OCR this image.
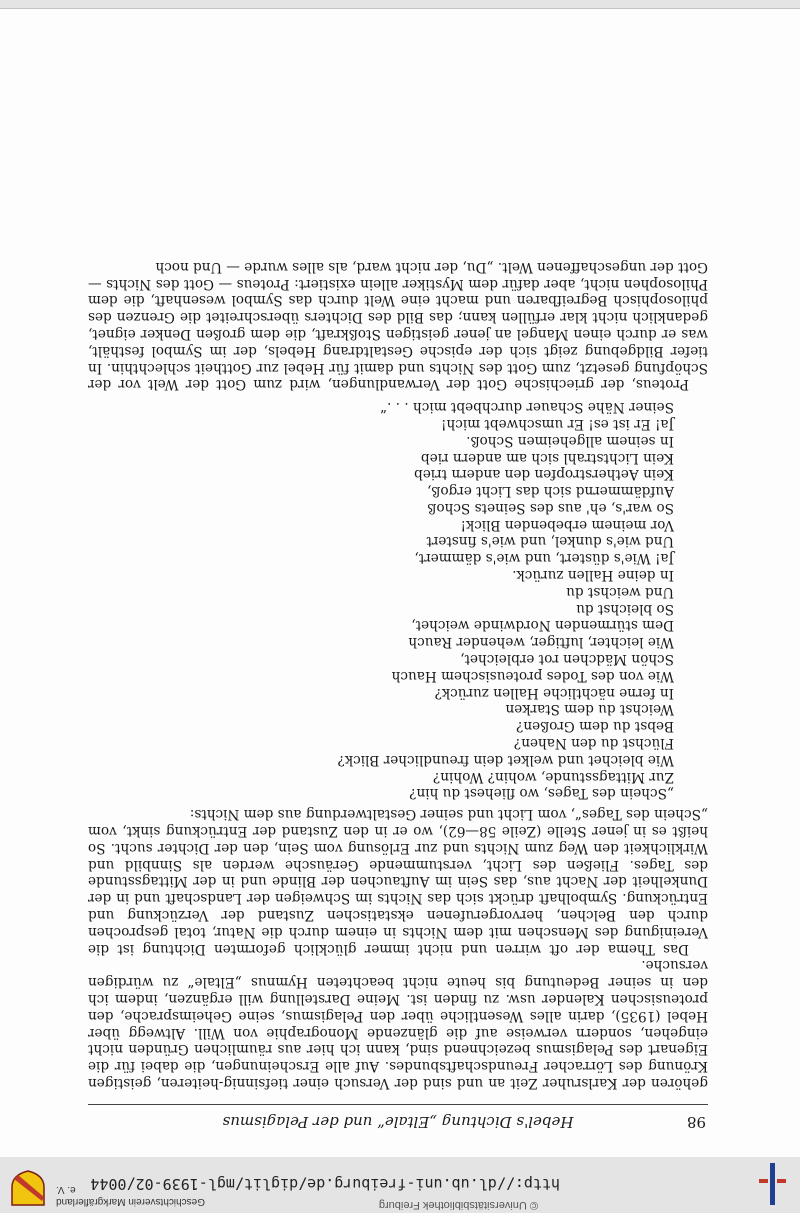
http://dl.ub.uni-freiburg.de/diglit/mgl-1939-02/0044
© Universitätsbibliothek Freiburg
Geschichtsverein Markgräflerland e. V.
98
Hebel's Dichtung „Eltale“ und der Pelagismus

gehören der Karlsruher Zeit an und sind der Versuch einer tiefsinnig-heiteren, geistigen Krönung des Lörracher Freundschaftsbundes. Auf alle Erscheinungen, die dabei für die Eigenart des Pelagismus bezeichnend sind, kann ich hier aus räumlichen Gründen nicht eingehen, sondern verweise auf die glänzende Monographie von Will. Altwegg über Hebel (1935), darin alles Wesentliche über den Pelagismus, seine Geheimsprache, den proteusischen Kalender usw. zu finden ist. Meine Darstellung will ergänzen, indem ich den in seiner Bedeutung bis heute nicht beachteten Hymnus „Eltale“ zu würdigen versuche.

Das Thema der oft wirren und nicht immer glücklich geformten Dichtung ist die Vereinigung des Menschen mit dem Nichts in einem durch die Natur, total gesprochen durch den Belchen, hervorgerufenen ekstatischen Zustand der Verzückung und Entrückung. Symbolhaft drückt sich das Nichts im Schweigen der Landschaft und in der Dunkelheit der Nacht aus, das Sein im Auftauchen der Blinde und in der Mittagsstunde des Tages. Fließen des Licht, verstummende Geräusche werden als Sinnbild und Wirklichkeit den Weg zum Nichts und zur Erlösung vom Sein, den der Dichter sucht. So heißt es in jener Stelle (Zeile 58—62), wo er in den Zustand der Entrückung sinkt, vom „Schein des Tages“, vom Licht und seiner Gestaltwerdung aus dem Nichts:

„Schein des Tages, wo fliehest du hin?
Zur Mittagsstunde, wohin? Wohin?
Wie bleichet und welket dein freundlicher Blick?
Flüchst du den Nahen?
Bebst du dem Großen?
Weichst du dem Starken
In ferne nächtliche Hallen zurück?
Wie von des Todes proteusischem Hauch
Schön Mädchen rot erbleichet,
Wie leichter, luftiger, wehender Rauch
Dem stürmenden Nordwinde weichet,
So bleichst du
Und weichst du
In deine Hallen zurück.
Ja! Wie's düstert, und wie's dämmert,
Und wie's dunkel, und wie's finstert
Vor meinem erbebenden Blick!
So war's, eh' aus des Seinets Schoß
Aufdämmernd sich das Licht ergoß,
Kein Aetherstropfen den andern trieb
Kein Lichtstrahl sich am andern rieb
In seinem allgeheimen Schoß.
Ja! Er ist es! Er umschwebt mich!
Seiner Nähe Schauer durchbebt mich . . .“

Proteus, der griechische Gott der Verwandlungen, wird zum Gott der Welt vor der Schöpfung gesetzt, zum Gott des Nichts und damit für Hebel zur Gottheit schlechthin. In tiefer Bildgebung zeigt sich der epische Gestaltdrang Hebels, der im Symbol festhält, was er durch einen Mangel an jener geistigen Stoßkraft, die dem großen Denker eignet, gedanklich nicht klar erfüllen kann; das Bild des Dichters überschreitet die Grenzen des philosophisch Begreifbaren und macht eine Welt durch das Symbol wesenhaft, die dem Philosophen nicht, aber dafür dem Mystiker allein existiert: Proteus — Gott des Nichts — Gott der ungeschaffenen Welt. „Du, der nicht ward, als alles wurde — Und noch
